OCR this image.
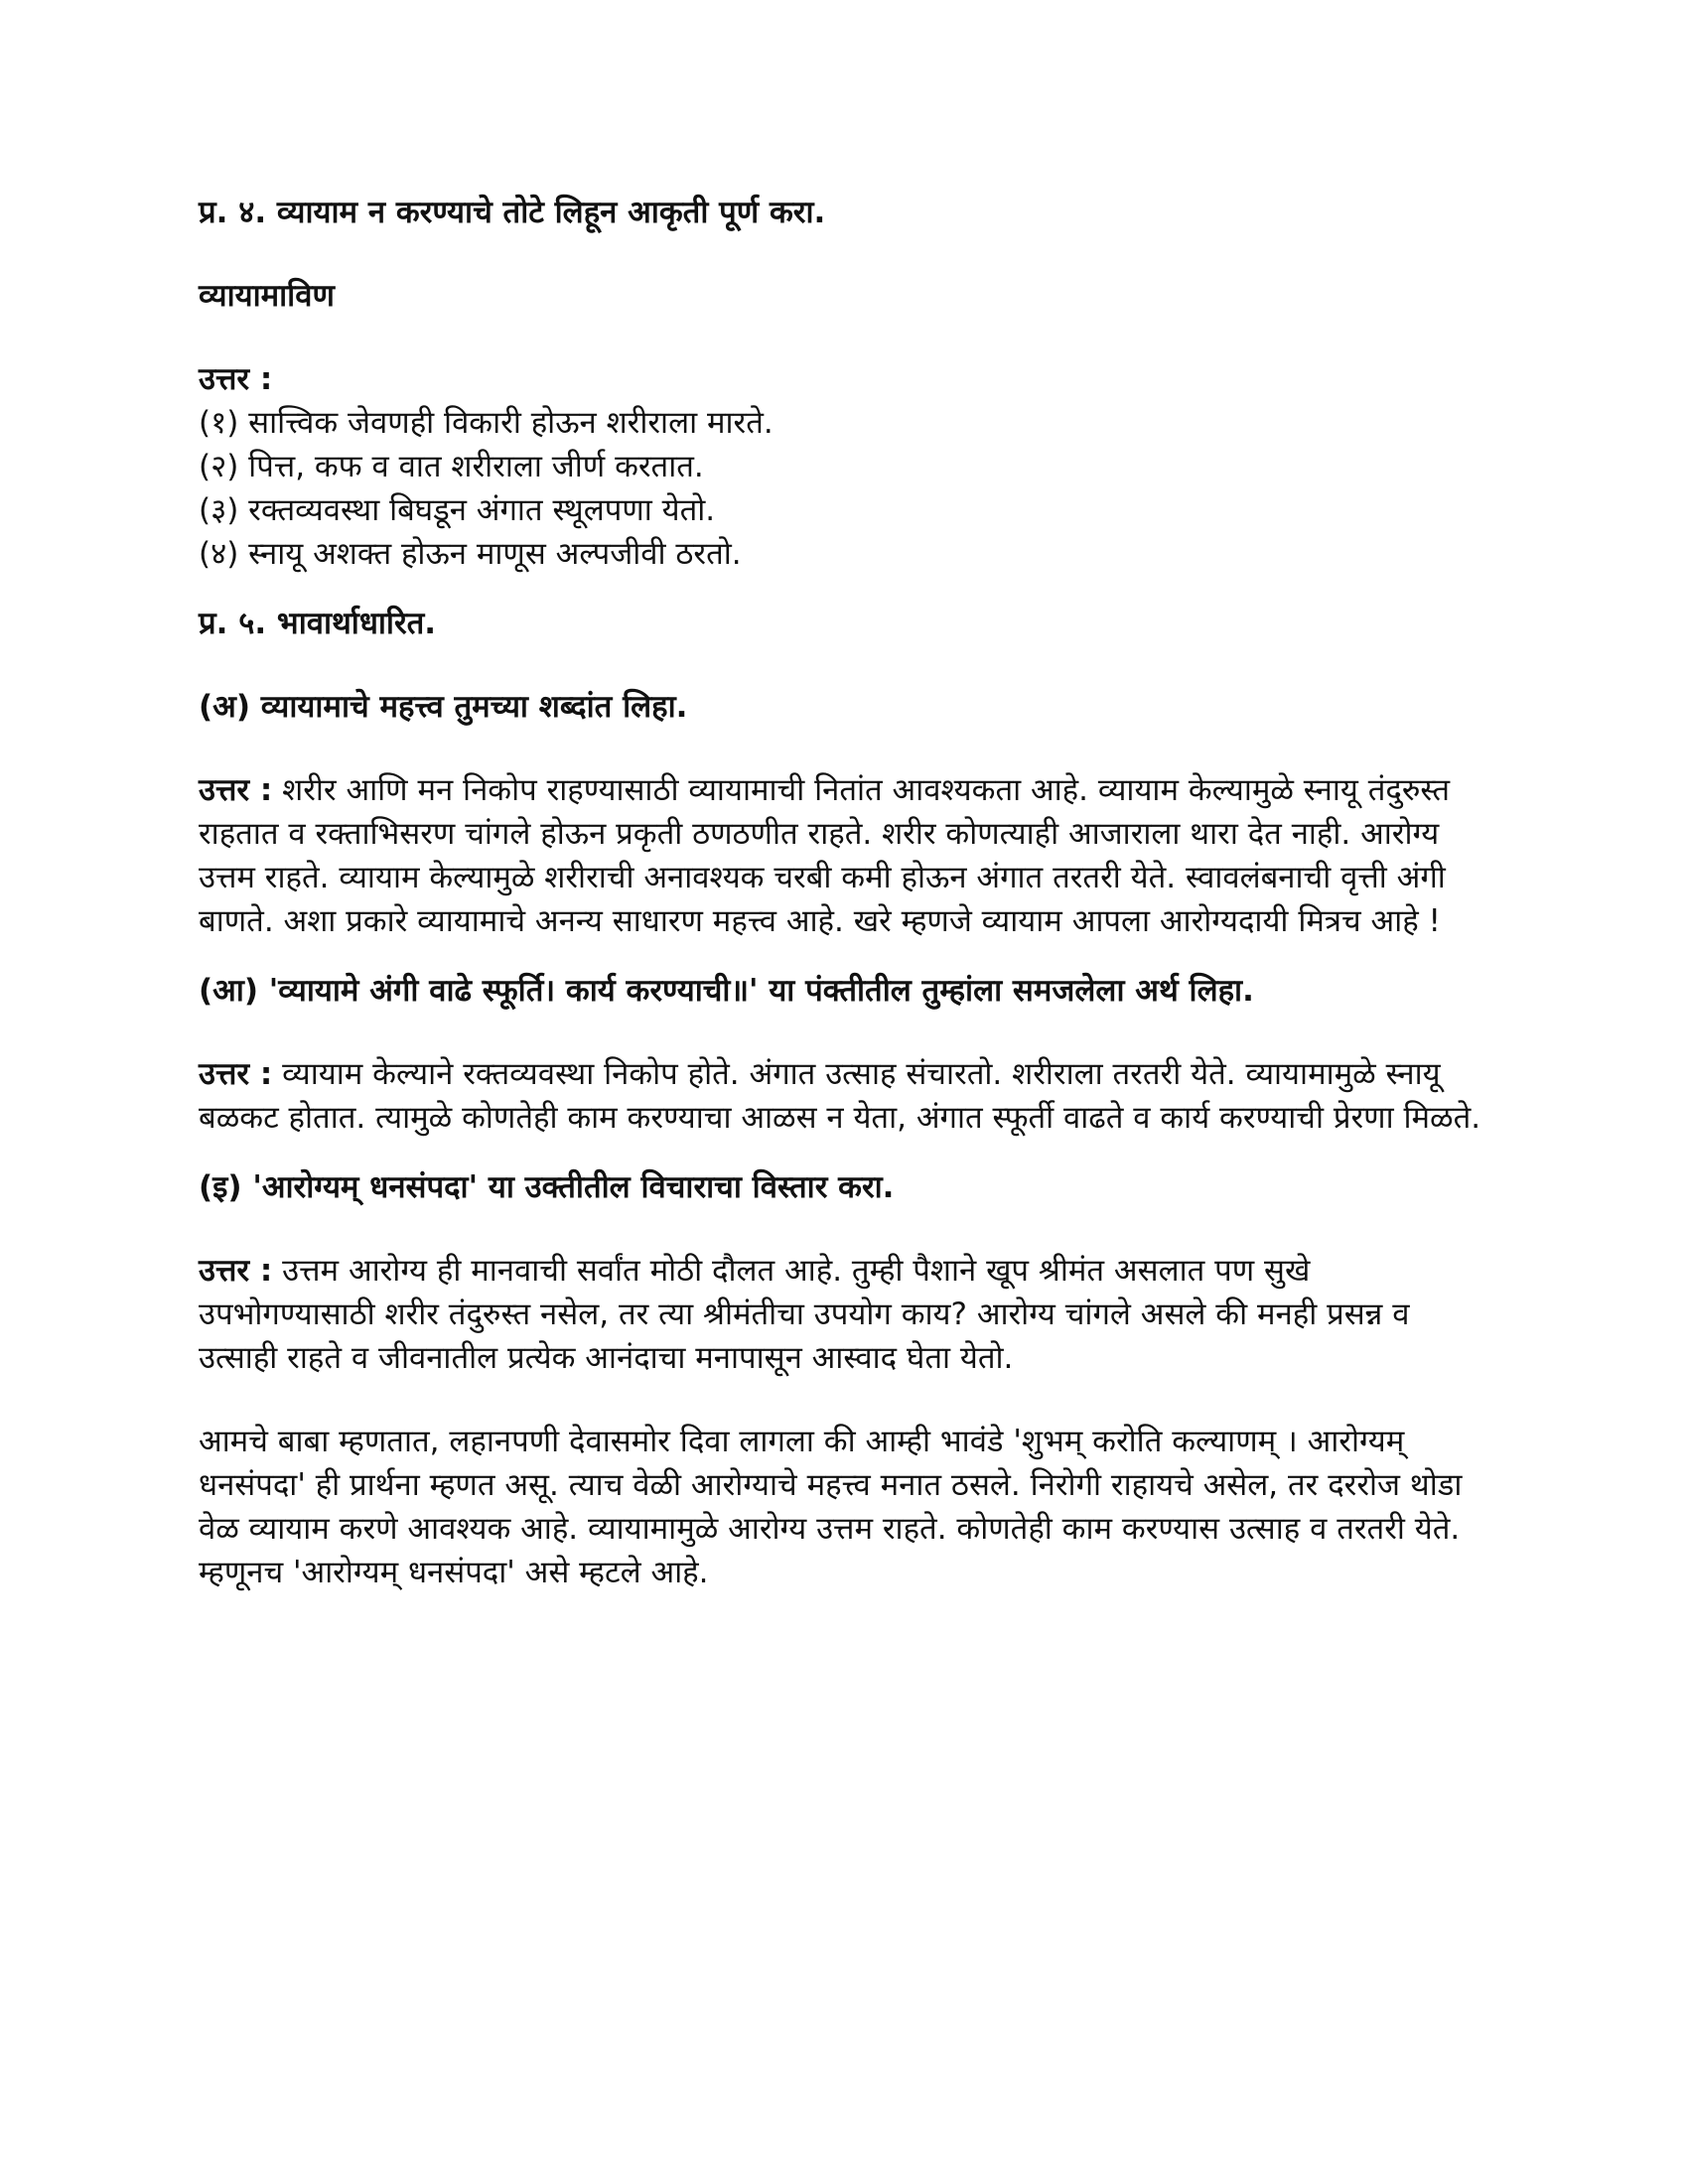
प्र. ४. व्यायाम न करण्याचे तोटे लिहून आकृती पूर्ण करा.

व्यायामाविण

उत्तर :

(१) सात्त्विक जेवणही विकारी होऊन शरीराला मारते.

(२) पित्त, कफ व वात शरीराला जीर्ण करतात.

(३) रक्तव्यवस्था बिघडून अंगात स्थूलपणा येतो.

(४) स्नायू अशक्त होऊन माणूस अल्पजीवी ठरतो.

प्र. ५. भावार्थाधारित.

(अ) व्यायामाचे महत्त्व तुमच्या शब्दांत लिहा.

उत्तर : शरीर आणि मन निकोप राहण्यासाठी व्यायामाची नितांत आवश्यकता आहे. व्यायाम केल्यामुळे स्नायू तंदुरुस्त राहतात व रक्ताभिसरण चांगले होऊन प्रकृती ठणठणीत राहते. शरीर कोणत्याही आजाराला थारा देत नाही. आरोग्य उत्तम राहते. व्यायाम केल्यामुळे शरीराची अनावश्यक चरबी कमी होऊन अंगात तरतरी येते. स्वावलंबनाची वृत्ती अंगी बाणते. अशा प्रकारे व्यायामाचे अनन्य साधारण महत्त्व आहे. खरे म्हणजे व्यायाम आपला आरोग्यदायी मित्रच आहे !

(आ) 'व्यायामे अंगी वाढे स्फूर्ति। कार्य करण्याची॥' या पंक्तीतील तुम्हांला समजलेला अर्थ लिहा.

उत्तर : व्यायाम केल्याने रक्तव्यवस्था निकोप होते. अंगात उत्साह संचारतो. शरीराला तरतरी येते. व्यायामामुळे स्नायू बळकट होतात. त्यामुळे कोणतेही काम करण्याचा आळस न येता, अंगात स्फूर्ती वाढते व कार्य करण्याची प्रेरणा मिळते.

(इ) 'आरोग्यम् धनसंपदा' या उक्तीतील विचाराचा विस्तार करा.

उत्तर : उत्तम आरोग्य ही मानवाची सर्वांत मोठी दौलत आहे. तुम्ही पैशाने खूप श्रीमंत असलात पण सुखे उपभोगण्यासाठी शरीर तंदुरुस्त नसेल, तर त्या श्रीमंतीचा उपयोग काय? आरोग्य चांगले असले की मनही प्रसन्न व उत्साही राहते व जीवनातील प्रत्येक आनंदाचा मनापासून आस्वाद घेता येतो.

आमचे बाबा म्हणतात, लहानपणी देवासमोर दिवा लागला की आम्ही भावंडे 'शुभम् करोति कल्याणम् । आरोग्यम् धनसंपदा' ही प्रार्थना म्हणत असू. त्याच वेळी आरोग्याचे महत्त्व मनात ठसले. निरोगी राहायचे असेल, तर दररोज थोडा वेळ व्यायाम करणे आवश्यक आहे. व्यायामामुळे आरोग्य उत्तम राहते. कोणतेही काम करण्यास उत्साह व तरतरी येते. म्हणूनच 'आरोग्यम् धनसंपदा' असे म्हटले आहे.
